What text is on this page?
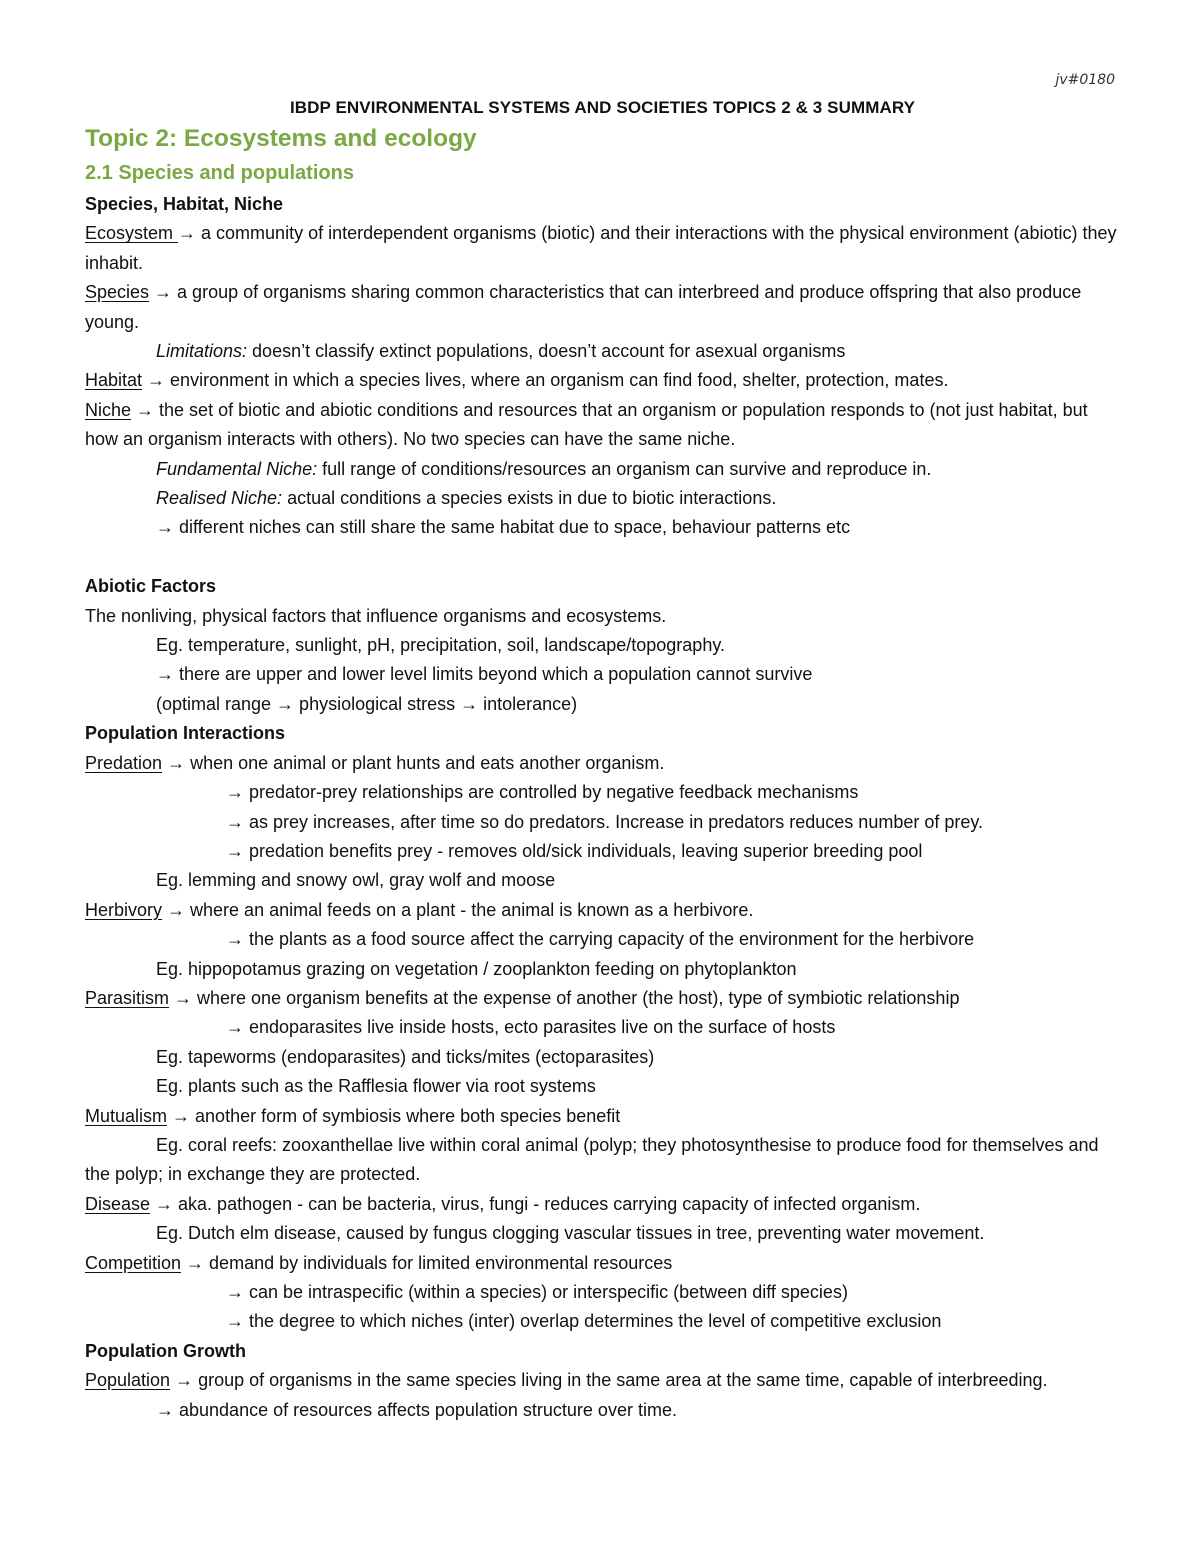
jv#0180
IBDP ENVIRONMENTAL SYSTEMS AND SOCIETIES TOPICS 2 & 3 SUMMARY
Topic 2: Ecosystems and ecology
2.1 Species and populations
Species, Habitat, Niche

Ecosystem → a community of interdependent organisms (biotic) and their interactions with the physical environment (abiotic) they inhabit.

Species → a group of organisms sharing common characteristics that can interbreed and produce offspring that also produce young.

Limitations: doesn’t classify extinct populations, doesn’t account for asexual organisms

Habitat → environment in which a species lives, where an organism can find food, shelter, protection, mates.

Niche → the set of biotic and abiotic conditions and resources that an organism or population responds to (not just habitat, but how an organism interacts with others). No two species can have the same niche.

Fundamental Niche: full range of conditions/resources an organism can survive and reproduce in.

Realised Niche: actual conditions a species exists in due to biotic interactions.

→ different niches can still share the same habitat due to space, behaviour patterns etc

Abiotic Factors

The nonliving, physical factors that influence organisms and ecosystems.

Eg. temperature, sunlight, pH, precipitation, soil, landscape/topography.

→ there are upper and lower level limits beyond which a population cannot survive

(optimal range → physiological stress → intolerance)

Population Interactions

Predation → when one animal or plant hunts and eats another organism.

→ predator-prey relationships are controlled by negative feedback mechanisms

→ as prey increases, after time so do predators. Increase in predators reduces number of prey.

→ predation benefits prey - removes old/sick individuals, leaving superior breeding pool

Eg. lemming and snowy owl, gray wolf and moose

Herbivory → where an animal feeds on a plant - the animal is known as a herbivore.

→ the plants as a food source affect the carrying capacity of the environment for the herbivore

Eg. hippopotamus grazing on vegetation / zooplankton feeding on phytoplankton

Parasitism → where one organism benefits at the expense of another (the host), type of symbiotic relationship

→ endoparasites live inside hosts, ecto parasites live on the surface of hosts

Eg. tapeworms (endoparasites) and ticks/mites (ectoparasites)

Eg. plants such as the Rafflesia flower via root systems

Mutualism → another form of symbiosis where both species benefit

Eg. coral reefs: zooxanthellae live within coral animal (polyp; they photosynthesise to produce food for themselves and the polyp; in exchange they are protected.

Disease → aka. pathogen - can be bacteria, virus, fungi - reduces carrying capacity of infected organism.

Eg. Dutch elm disease, caused by fungus clogging vascular tissues in tree, preventing water movement.

Competition → demand by individuals for limited environmental resources

→ can be intraspecific (within a species) or interspecific (between diff species)

→ the degree to which niches (inter) overlap determines the level of competitive exclusion

Population Growth

Population → group of organisms in the same species living in the same area at the same time, capable of interbreeding.

→ abundance of resources affects population structure over time.
